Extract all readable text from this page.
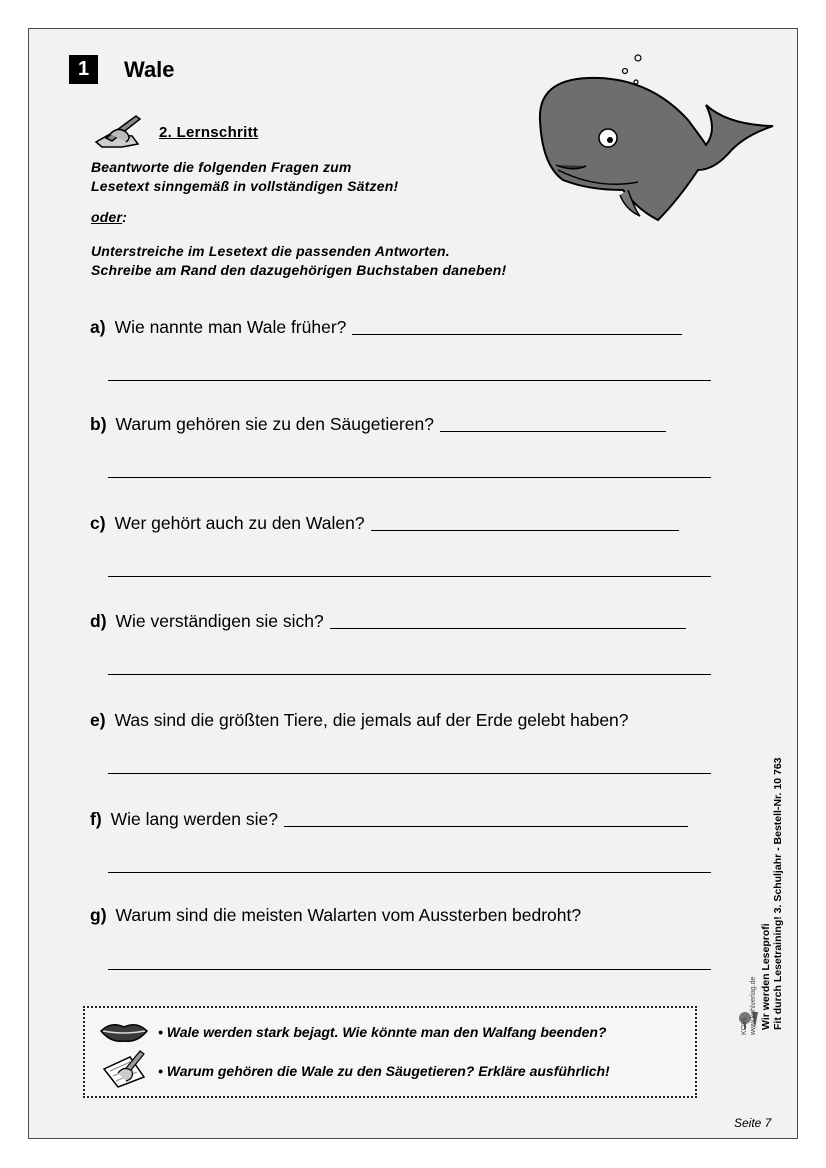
1	Wale
2. Lernschritt
Beantworte die folgenden Fragen zum
Lesetext sinngemäß in vollständigen Sätzen!
oder:
Unterstreiche im Lesetext die passenden Antworten.
Schreibe am Rand den dazugehörigen Buchstaben daneben!
a) Wie nannte man Wale früher?
b) Warum gehören sie zu den Säugetieren?
c) Wer gehört auch zu den Walen?
d) Wie verständigen sie sich?
e) Was sind die größten Tiere, die jemals auf der Erde gelebt haben?
f) Wie lang werden sie?
g) Warum sind die meisten Walarten vom Aussterben bedroht?
• Wale werden stark bejagt. Wie könnte man den Walfang beenden?
• Warum gehören die Wale zu den Säugetieren? Erkläre ausführlich!
Wir werden Leseprofi Fit durch Lesetraining! 3. Schuljahr - Bestell-Nr. 10 763
KOHL www.kohlverlag.de
Seite 7
